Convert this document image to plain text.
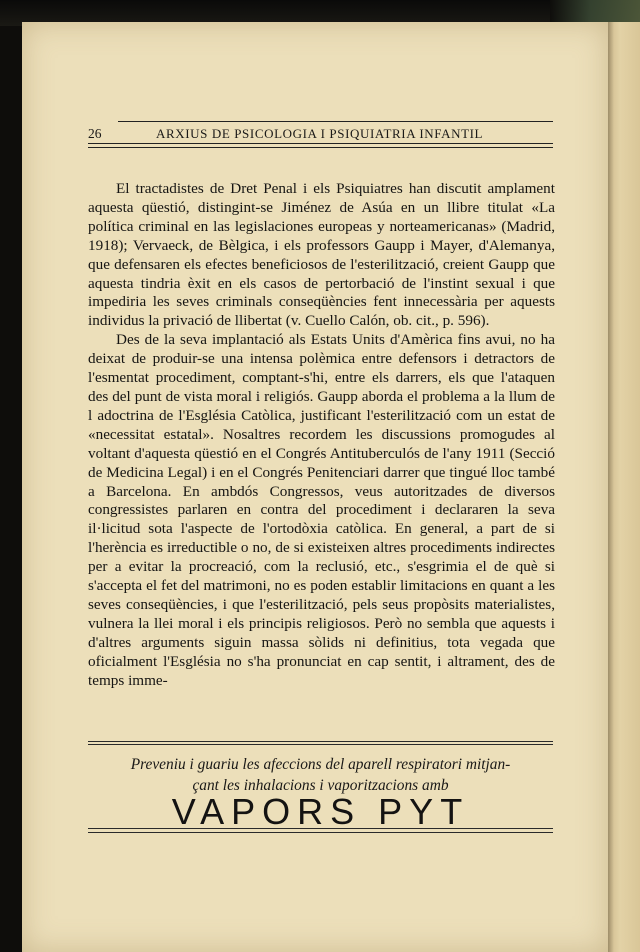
26	ARXIUS DE PSICOLOGIA I PSIQUIATRIA INFANTIL

El tractadistes de Dret Penal i els Psiquiatres han discutit amplament aquesta qüestió, distingint-se Jiménez de Asúa en un llibre titulat «La política criminal en las legislaciones europeas y norteamericanas» (Madrid, 1918); Vervaeck, de Bèlgica, i els professors Gaupp i Mayer, d'Alemanya, que defensaren els efectes beneficiosos de l'esterilització, creient Gaupp que aquesta tindria èxit en els casos de pertorbació de l'instint sexual i que impediria les seves criminals conseqüències fent innecessària per aquests individus la privació de llibertat (v. Cuello Calón, ob. cit., p. 596).

Des de la seva implantació als Estats Units d'Amèrica fins avui, no ha deixat de produir-se una intensa polèmica entre defensors i detractors de l'esmentat procediment, comptant-s'hi, entre els darrers, els que l'ataquen des del punt de vista moral i religiós. Gaupp aborda el problema a la llum de l adoctrina de l'Església Catòlica, justificant l'esterilització com un estat de «necessitat estatal». Nosaltres recordem les discussions promogudes al voltant d'aquesta qüestió en el Congrés Antituberculós de l'any 1911 (Secció de Medicina Legal) i en el Congrés Penitenciari darrer que tingué lloc també a Barcelona. En ambdós Congressos, veus autoritzades de diversos congressistes parlaren en contra del procediment i declararen la seva il·licitud sota l'aspecte de l'ortodòxia catòlica. En general, a part de si l'herència es irreductible o no, de si existeixen altres procediments indirectes per a evitar la procreació, com la reclusió, etc., s'esgrimia el de què si s'accepta el fet del matrimoni, no es poden establir limitacions en quant a les seves conseqüències, i que l'esterilització, pels seus propòsits materialistes, vulnera la llei moral i els principis religiosos. Però no sembla que aquests i d'altres arguments siguin massa sòlids ni definitius, tota vegada que oficialment l'Església no s'ha pronunciat en cap sentit, i altrament, des de temps imme-

Preveniu i guariu les afeccions del aparell respiratori mitjan-
çant les inhalacions i vaporitzacions amb
VAPORS PYT
